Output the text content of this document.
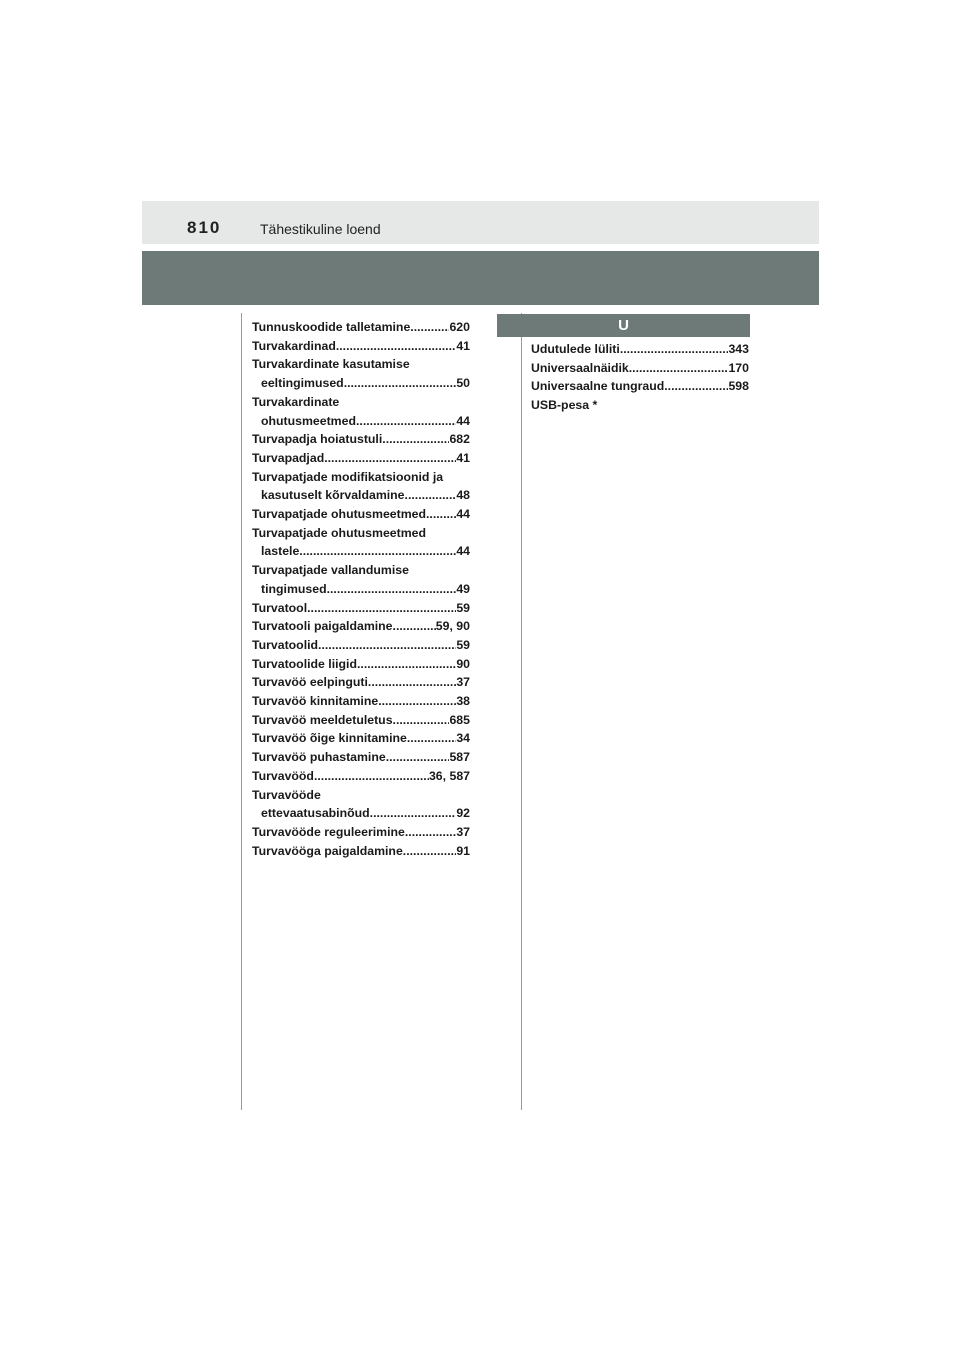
810	Tähestikuline loend
Tunnuskoodide talletamine .....	620
Turvakardinad .....	41
Turvakardinate kasutamise
eeltingimused .....	50
Turvakardinate
ohutusmeetmed .....	44
Turvapadja hoiatustuli .....	682
Turvapadjad .....	41
Turvapatjade modifikatsioonid ja
kasutuselt kõrvaldamine .....	48
Turvapatjade ohutusmeetmed ..... 44
Turvapatjade ohutusmeetmed
lastele .....	44
Turvapatjade vallandumise
tingimused .....	49
Turvatool .....	59
Turvatooli paigaldamine .....	59, 90
Turvatoolid .....	59
Turvatoolide liigid .....	90
Turvavöö eelpinguti .....	37
Turvavöö kinnitamine .....	38
Turvavöö meeldetuletus .....	685
Turvavöö õige kinnitamine .....	34
Turvavöö puhastamine .....	587
Turvavööd .....	36, 587
Turvavööde
ettevaatusabinõud .....	92
Turvavööde reguleerimine .....	37
Turvavööga paigaldamine .....	91
U
Udutulede lüliti .....	343
Universaalnäidik .....	170
Universaalne tungraud .....	598
USB-pesa *
